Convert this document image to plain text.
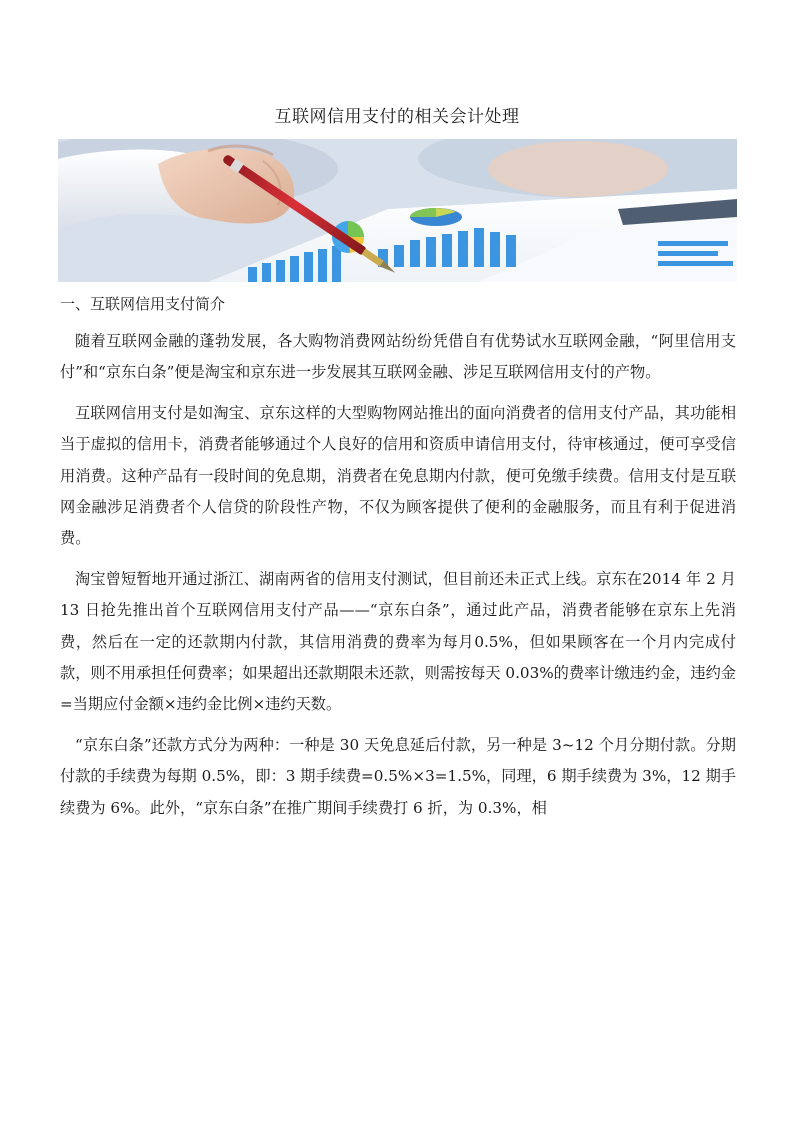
互联网信用支付的相关会计处理
一、互联网信用支付简介

随着互联网金融的蓬勃发展，各大购物消费网站纷纷凭借自有优势试水互联网金融，“阿里信用支付”和“京东白条”便是淘宝和京东进一步发展其互联网金融、涉足互联网信用支付的产物。

互联网信用支付是如淘宝、京东这样的大型购物网站推出的面向消费者的信用支付产品，其功能相当于虚拟的信用卡，消费者能够通过个人良好的信用和资质申请信用支付，待审核通过，便可享受信用消费。这种产品有一段时间的免息期，消费者在免息期内付款，便可免缴手续费。信用支付是互联网金融涉足消费者个人信贷的阶段性产物，不仅为顾客提供了便利的金融服务，而且有利于促进消费。

淘宝曾短暂地开通过浙江、湖南两省的信用支付测试，但目前还未正式上线。京东在2014 年 2 月 13 日抢先推出首个互联网信用支付产品——“京东白条”，通过此产品，消费者能够在京东上先消费，然后在一定的还款期内付款，其信用消费的费率为每月0.5%，但如果顾客在一个月内完成付款，则不用承担任何费率；如果超出还款期限未还款，则需按每天 0.03%的费率计缴违约金，违约金=当期应付金额×违约金比例×违约天数。

“京东白条”还款方式分为两种：一种是 30 天免息延后付款，另一种是 3~12 个月分期付款。分期付款的手续费为每期 0.5%，即：3 期手续费=0.5%×3=1.5%，同理，6 期手续费为 3%，12 期手续费为 6%。此外，“京东白条”在推广期间手续费打 6 折，为 0.3%，相
